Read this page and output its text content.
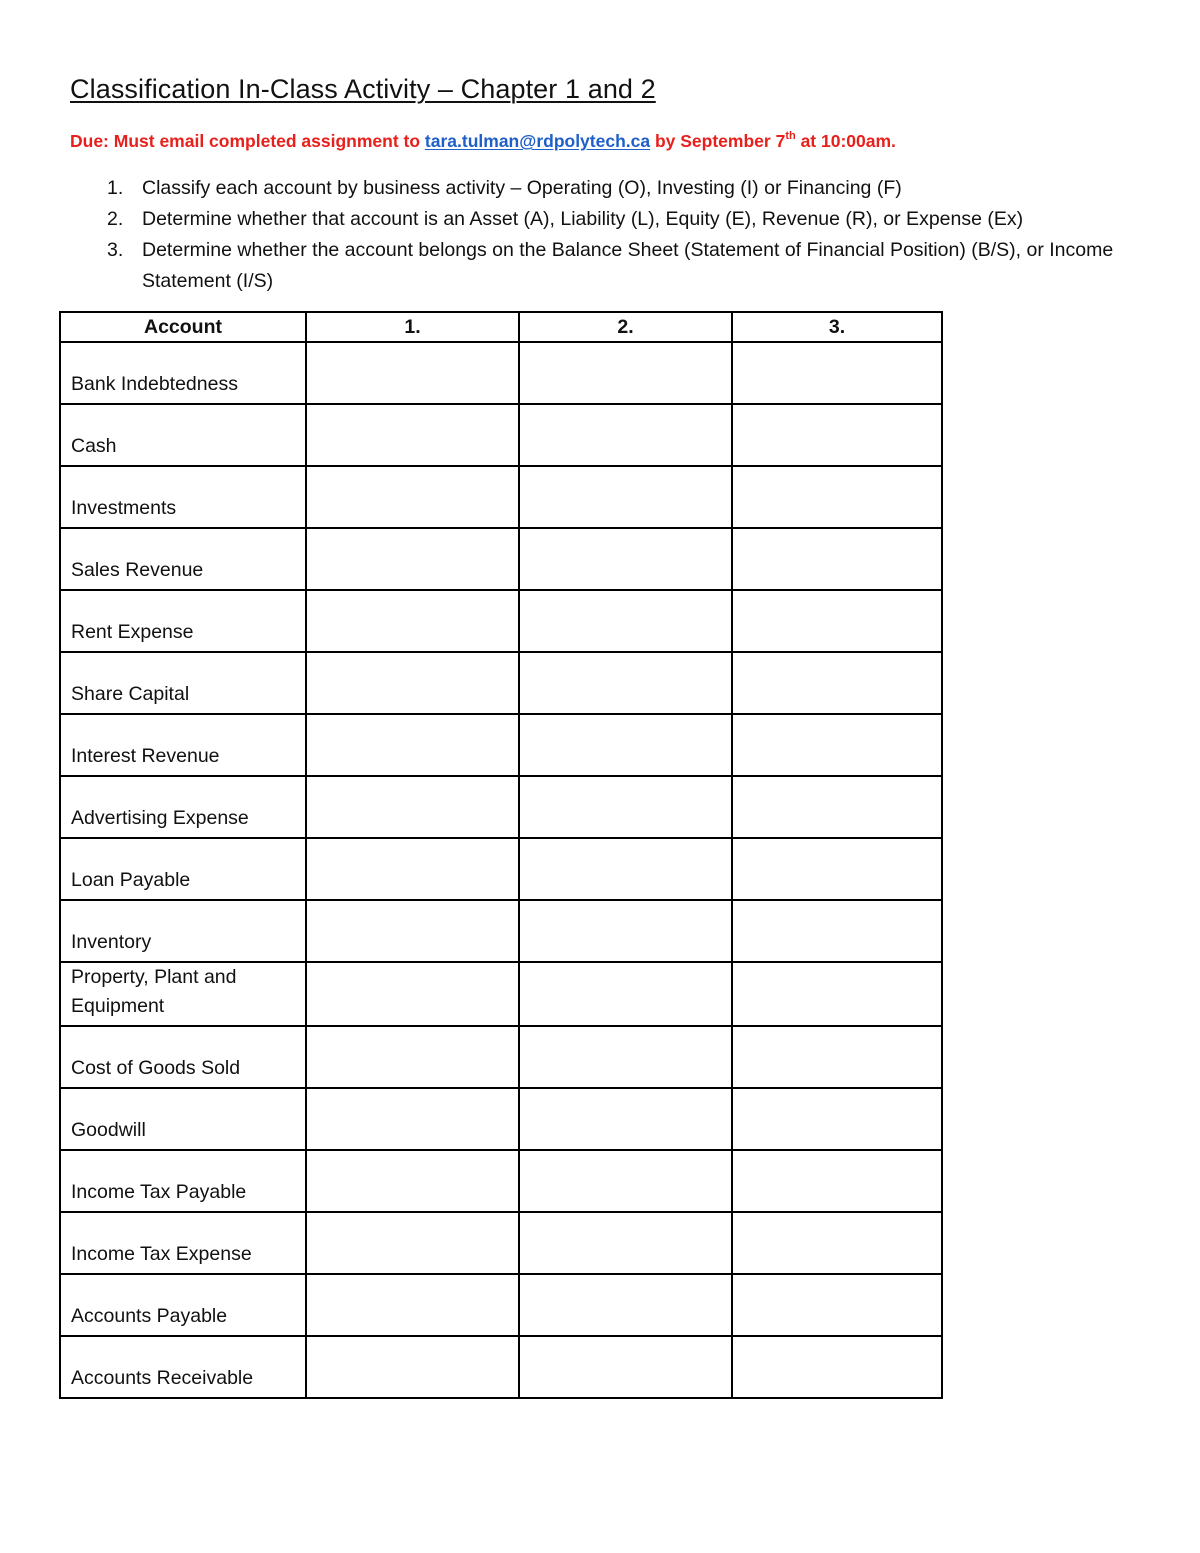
Classification In-Class Activity – Chapter 1 and 2
Due: Must email completed assignment to tara.tulman@rdpolytech.ca by September 7th at 10:00am.
1. Classify each account by business activity – Operating (O), Investing (I) or Financing (F)
2. Determine whether that account is an Asset (A), Liability (L), Equity (E), Revenue (R), or Expense (Ex)
3. Determine whether the account belongs on the Balance Sheet (Statement of Financial Position) (B/S), or Income Statement (I/S)
Account	1.	2.	3.
Bank Indebtedness			
Cash			
Investments			
Sales Revenue			
Rent Expense			
Share Capital			
Interest Revenue			
Advertising Expense			
Loan Payable			
Inventory			
Property, Plant and Equipment			
Cost of Goods Sold			
Goodwill			
Income Tax Payable			
Income Tax Expense			
Accounts Payable			
Accounts Receivable			
